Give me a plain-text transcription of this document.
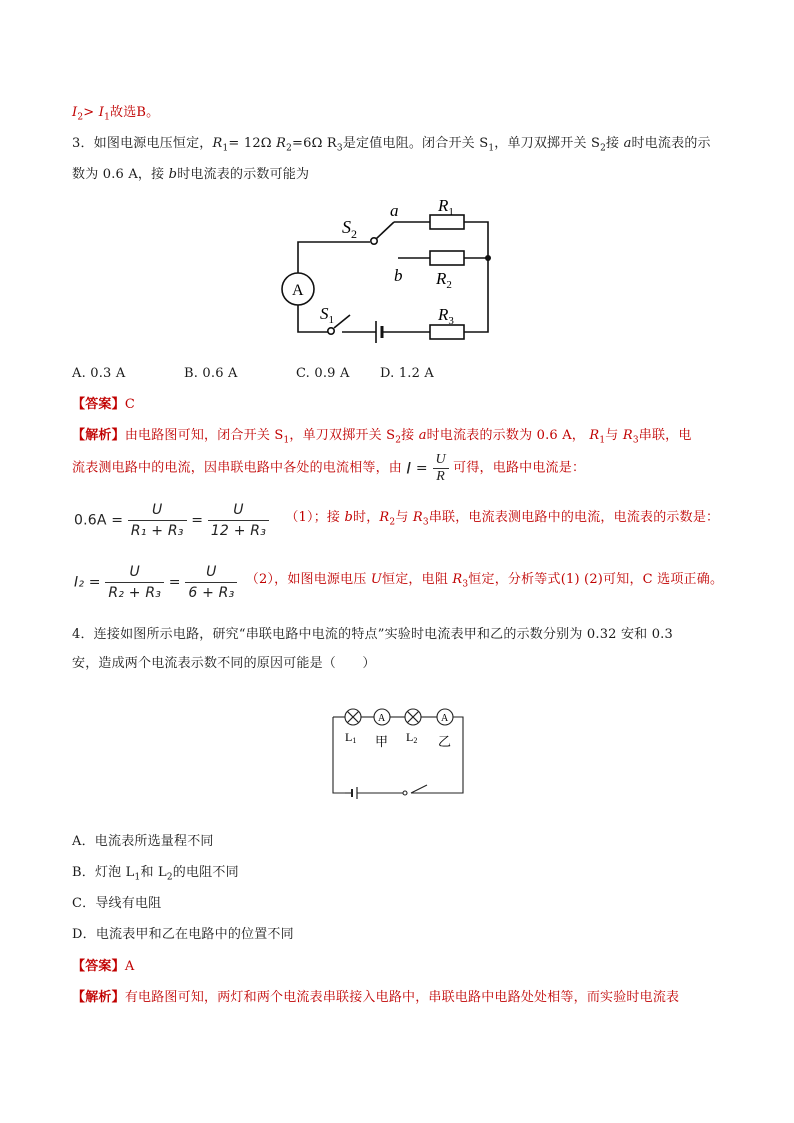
$I_2> I_1$故选B。
3．如图电源电压恒定，$R_1= 12\Omega$ $R_2=6\Omega$ $R_3$是定值电阻。闭合开关 $S_1$，单刀双掷开关 $S_2$接 a时电流表的示
数为 0.6 A，接 b时电流表的示数可能为
A
$S_2$
a
b
$R_1$
$R_2$
$R_3$
$S_1$
A. 0.3 A	B. 0.6 A	C. 0.9 A D. 1.2 A
【答案】C
【解析】由电路图可知，闭合开关 $S_1$，单刀双掷开关 $S_2$接 a时电流表的示数为 0.6 A， $R_1$与 $R_3$串联，电
流表测电路中的电流，因串联电路中各处的电流相等，由 $I = \frac{U}{R}$ 可得，电路中电流是：
$0.6A = \frac{U}{\text{R₁ + R₃}} = \frac{U}{\text{12 + R₃}} (1)$；接 b时，$R_2$与 $R_3$串联，电流表测电路中的电流，电流表的示数是：
$I_2 = \frac{U}{\text{R₂ + R₃}} = \frac{U}{\text{6 + R₃}} (2)$，如图电源电压 U恒定，电阻 $R_3$恒定，分析等式(1) (2)可知，C 选项正确。
4．连接如图所示电路，研究“串联电路中电流的特点”实验时电流表甲和乙的示数分别为 0.32 安和 0.3
安，造成两个电流表示数不同的原因可能是（　　）
A	A
L1 甲 L2 乙
A．电流表所选量程不同
B．灯泡 $L_1$和 $L_2$的电阻不同
C．导线有电阻
D．电流表甲和乙在电路中的位置不同
【答案】A
【解析】有电路图可知，两灯和两个电流表串联接入电路中，串联电路中电路处处相等，而实验时电流表
